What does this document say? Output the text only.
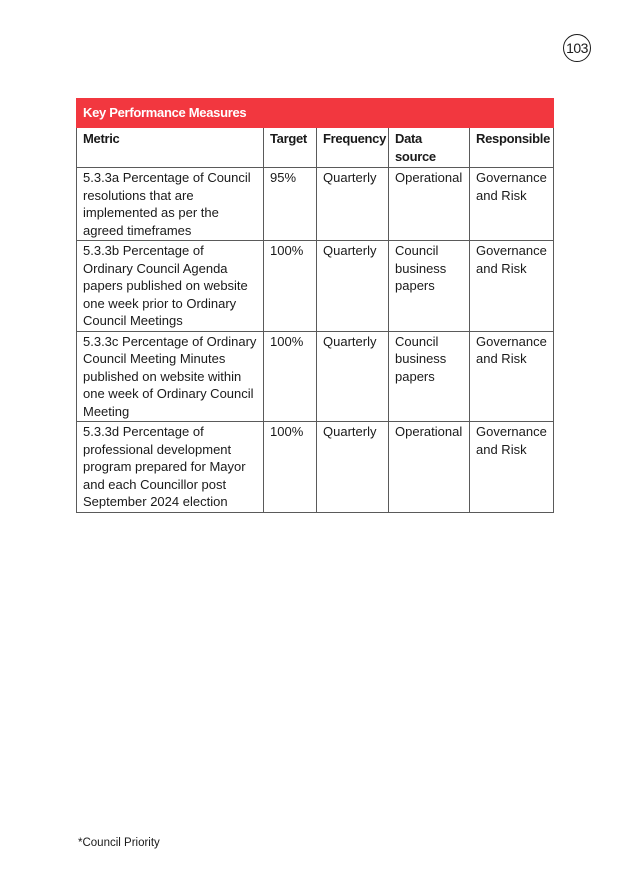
103
Key Performance Measures				
Metric	Target	Frequency	Data source	Responsible
5.3.3a Percentage of Council resolutions that are implemented as per the agreed timeframes	95%	Quarterly	Operational	Governance and Risk
5.3.3b Percentage of Ordinary Council Agenda papers published on website one week prior to Ordinary Council Meetings	100%	Quarterly	Council business papers	Governance and Risk
5.3.3c Percentage of Ordinary Council Meeting Minutes published on website within one week of Ordinary Council Meeting	100%	Quarterly	Council business papers	Governance and Risk
5.3.3d Percentage of professional development program prepared for Mayor and each Councillor post September 2024 election	100%	Quarterly	Operational	Governance and Risk
*Council Priority
